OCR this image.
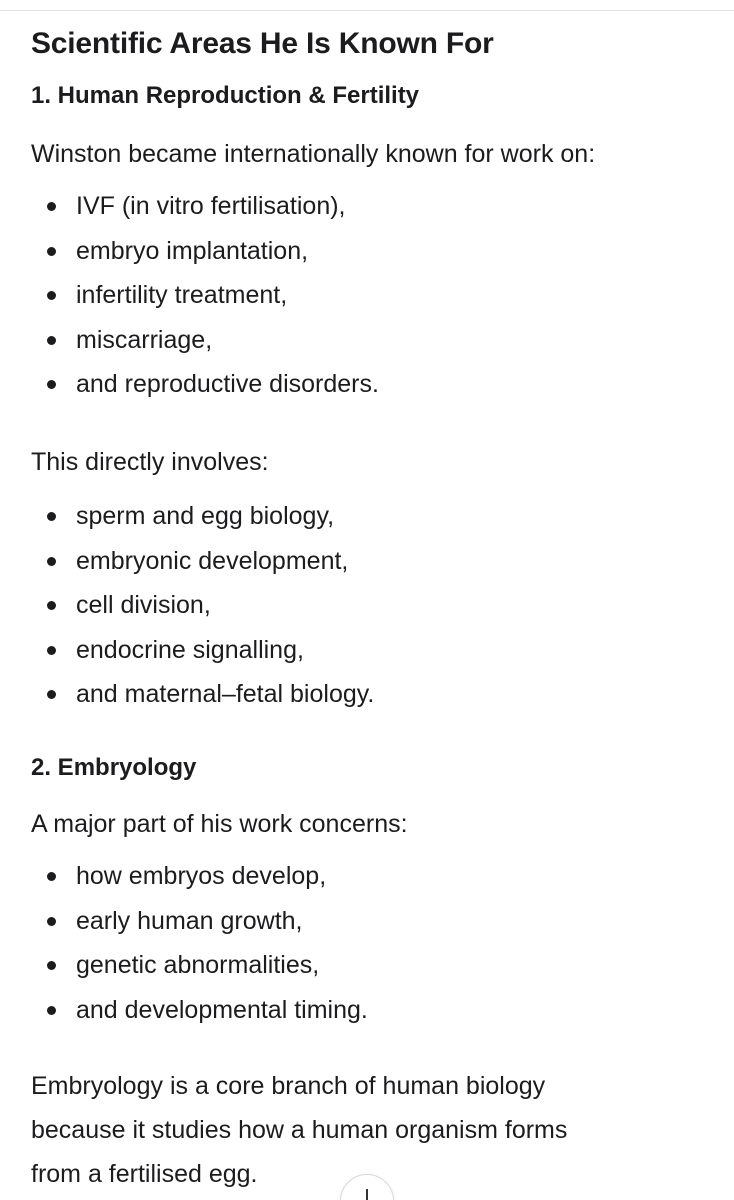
Scientific Areas He Is Known For
1. Human Reproduction & Fertility
Winston became internationally known for work on:
IVF (in vitro fertilisation),
embryo implantation,
infertility treatment,
miscarriage,
and reproductive disorders.
This directly involves:
sperm and egg biology,
embryonic development,
cell division,
endocrine signalling,
and maternal–fetal biology.
2. Embryology
A major part of his work concerns:
how embryos develop,
early human growth,
genetic abnormalities,
and developmental timing.
Embryology is a core branch of human biology
because it studies how a human organism forms
from a fertilised egg.
